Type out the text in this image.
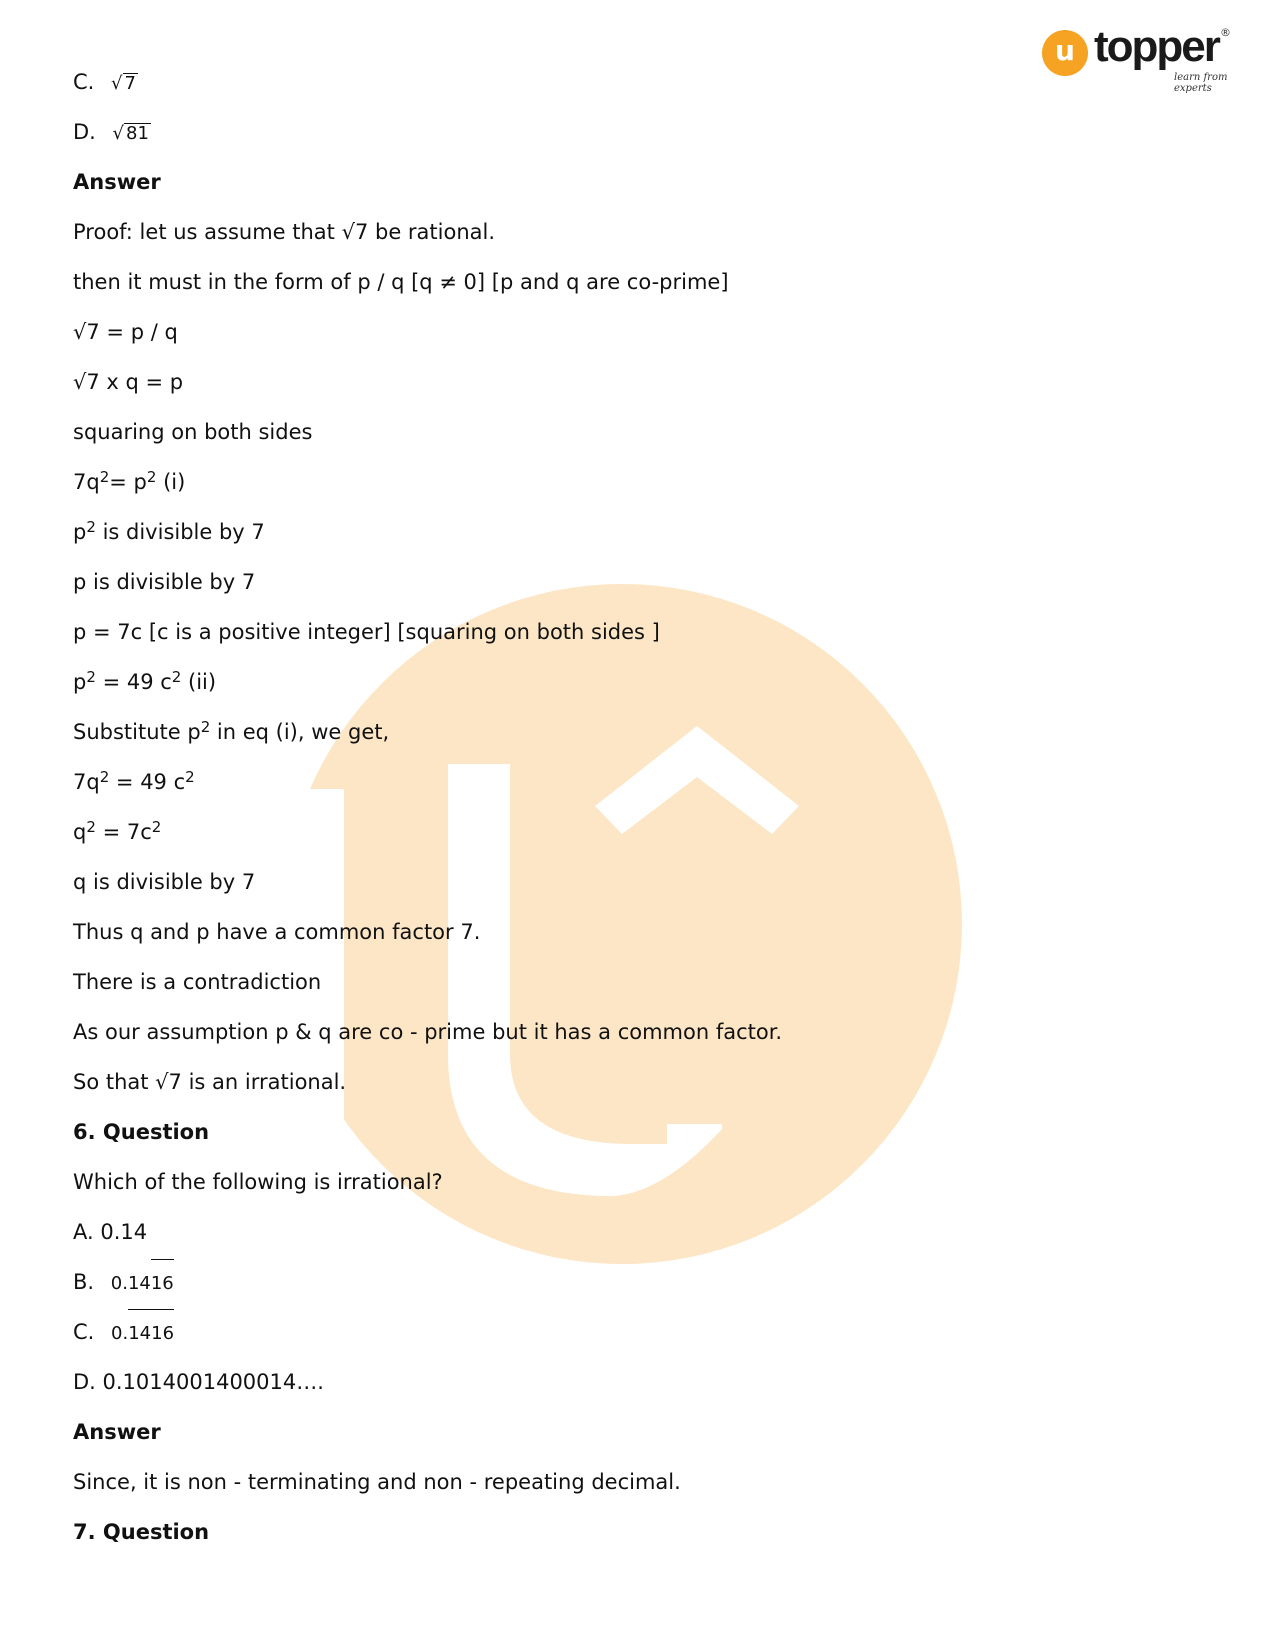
u topper
learn from experts
®
C. √ 7
D. √ 81
Answer
Proof: let us assume that √7 be rational.
then it must in the form of p / q [q ≠ 0] [p and q are co-prime]
√7 = p / q
√7 x q = p
squaring on both sides
$7q^2= p^2$ (i)
$p^2$ is divisible by 7
p is divisible by 7
p = 7c [c is a positive integer] [squaring on both sides ]
$p^2 = 49$ $c^2$ (ii)
Substitute $p^2$ in eq (i), we get,
$7q^2 = 49$ $c^2$
$q^2 = 7c^2$
q is divisible by 7
Thus q and p have a common factor 7.
There is a contradiction
As our assumption p & q are co - prime but it has a common factor.
So that √7 is an irrational.
6. Question
Which of the following is irrational?
A. 0.14
B. 0.14
16
C. 0.
1416
D. 0.1014001400014….
Answer
Since, it is non - terminating and non - repeating decimal.
7. Question
